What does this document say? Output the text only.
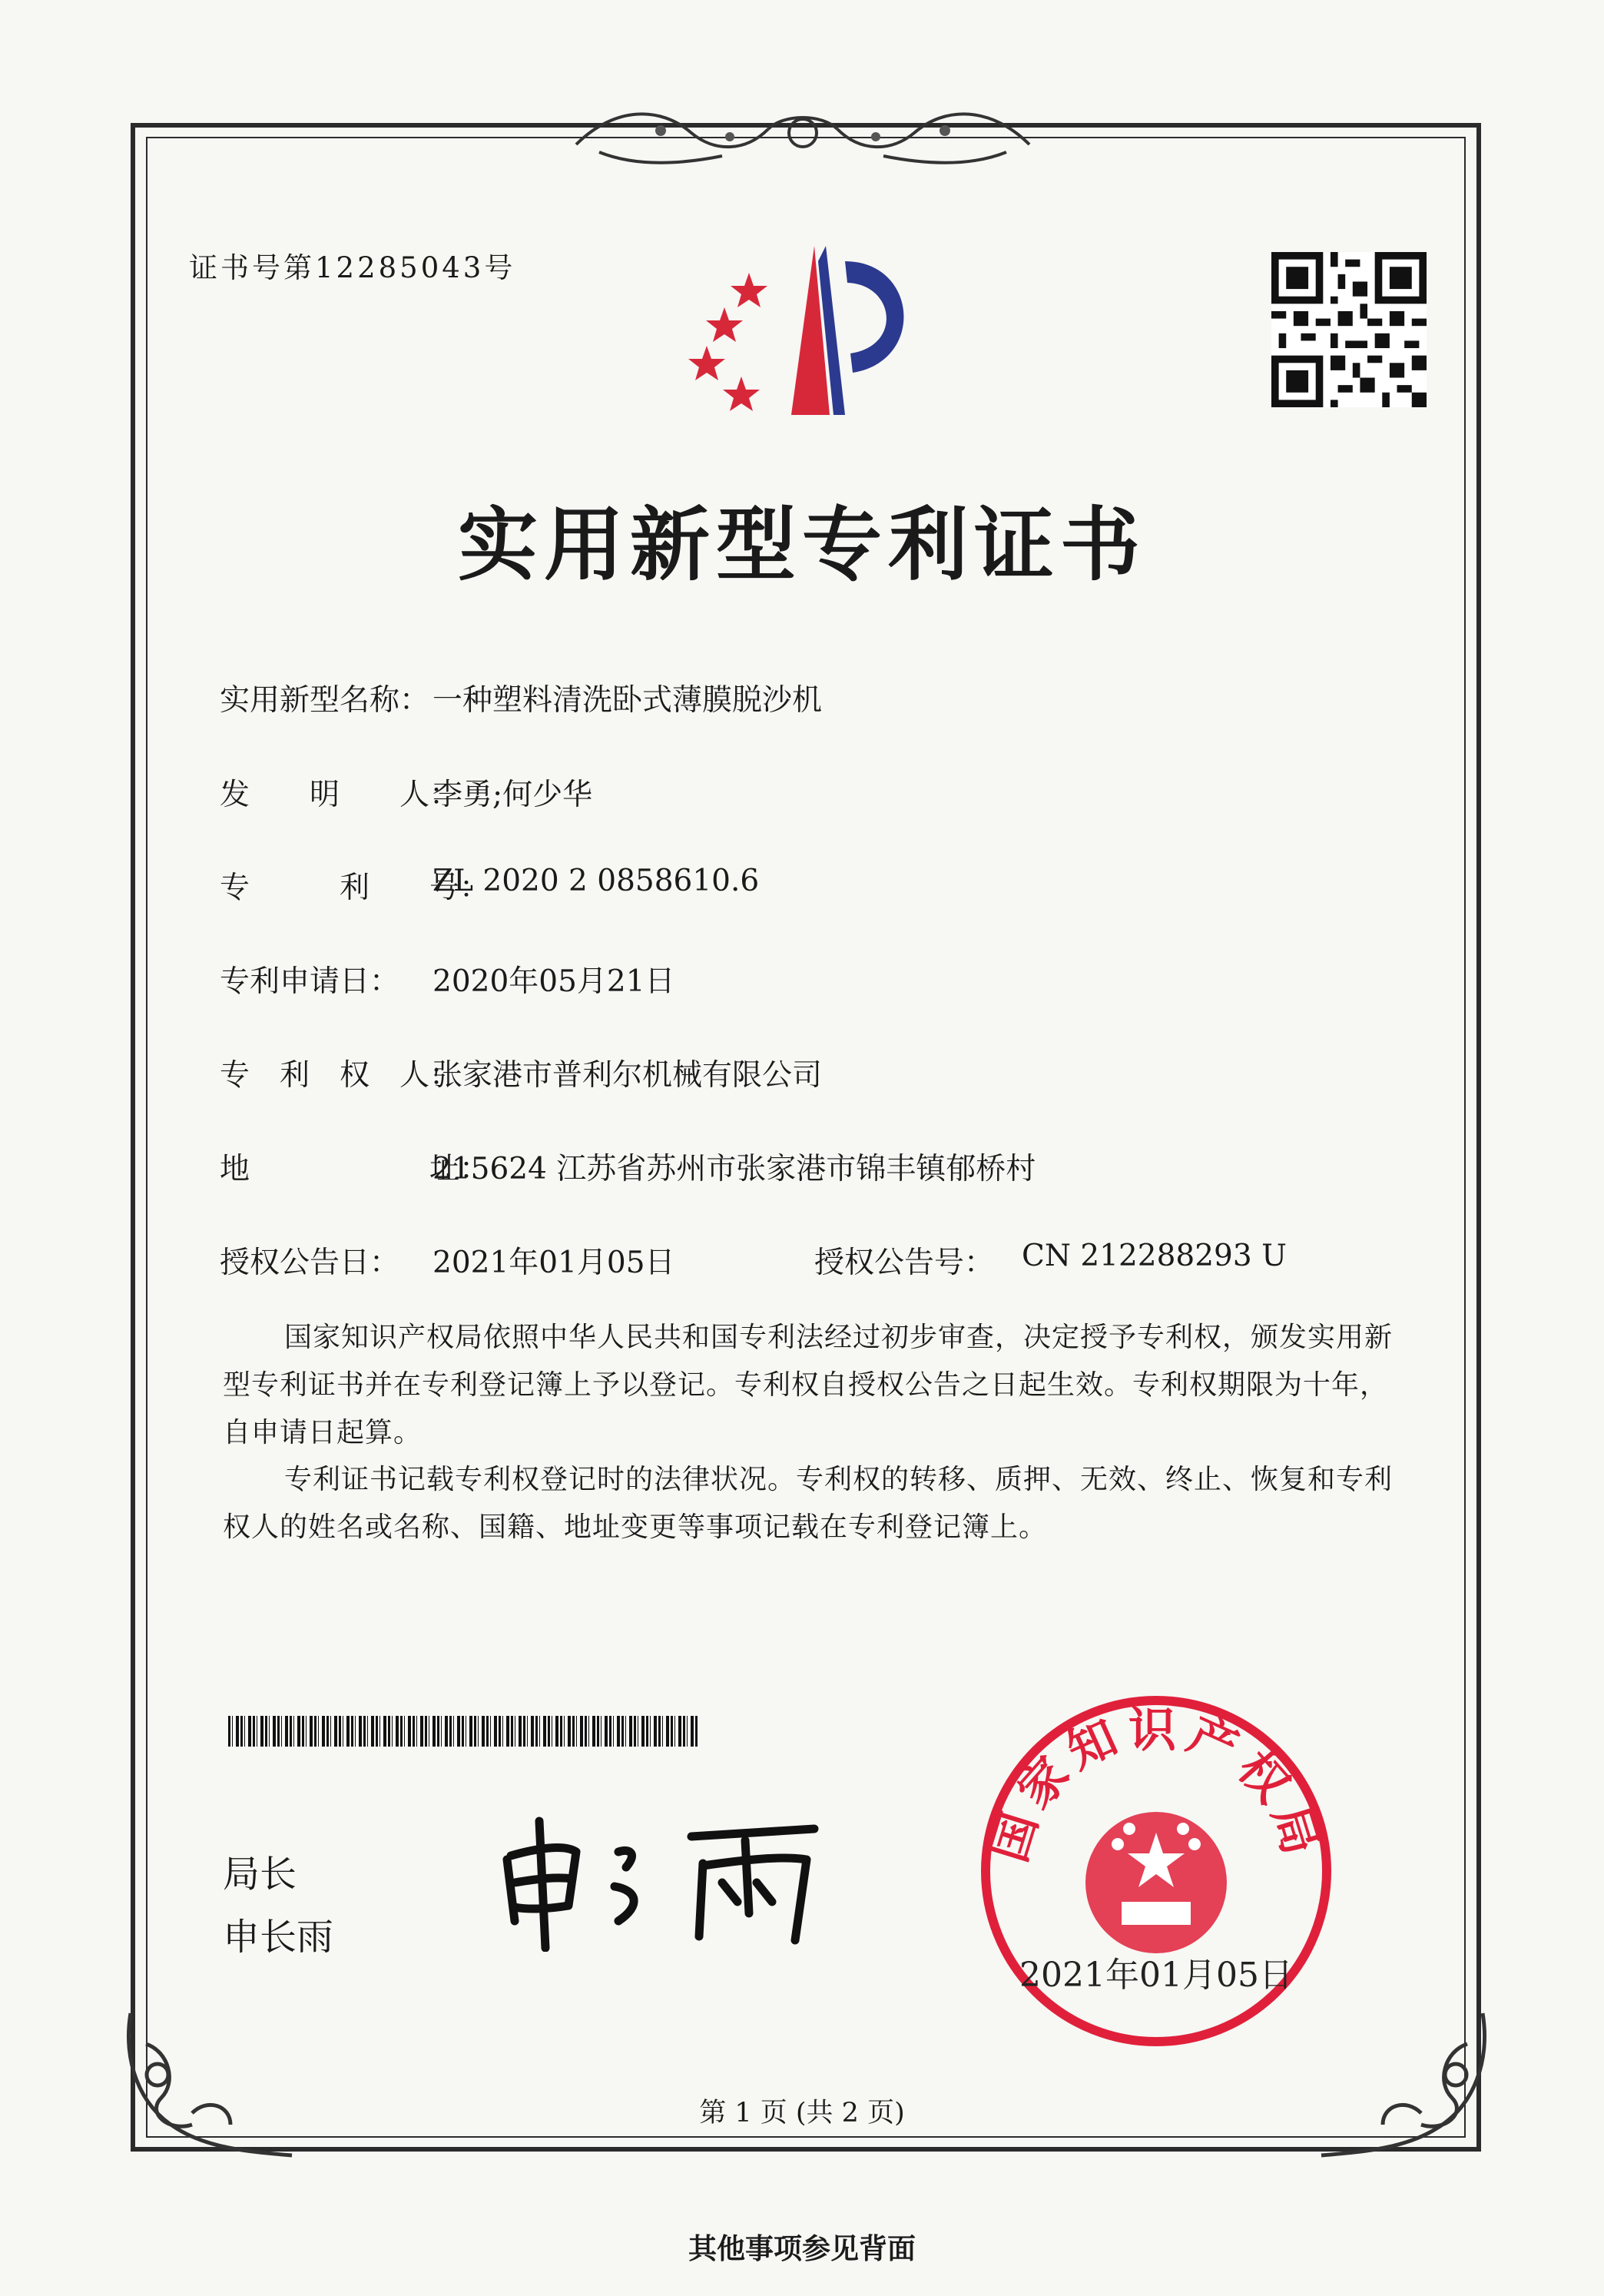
证书号第12285043号
实用新型专利证书
实用新型名称： 一种塑料清洗卧式薄膜脱沙机
发　　明　　人：
李勇;何少华
专　　　利　　号：
ZL 2020 2 0858610.6
专利申请日： 2020年05月21日
专　利　权　人：
张家港市普利尔机械有限公司
地　　　　　　址：
215624 江苏省苏州市张家港市锦丰镇郁桥村
授权公告日： 2021年01月05日	授权公告号： CN 212288293 U
国家知识产权局依照中华人民共和国专利法经过初步审查，决定授予专利权，颁发实用新型专利证书并在专利登记簿上予以登记。专利权自授权公告之日起生效。专利权期限为十年，自申请日起算。
专利证书记载专利权登记时的法律状况。专利权的转移、质押、无效、终止、恢复和专利权人的姓名或名称、国籍、地址变更等事项记载在专利登记簿上。
局长
申长雨
国家知识产权局
2021年01月05日
第 1 页 (共 2 页)
其他事项参见背面
